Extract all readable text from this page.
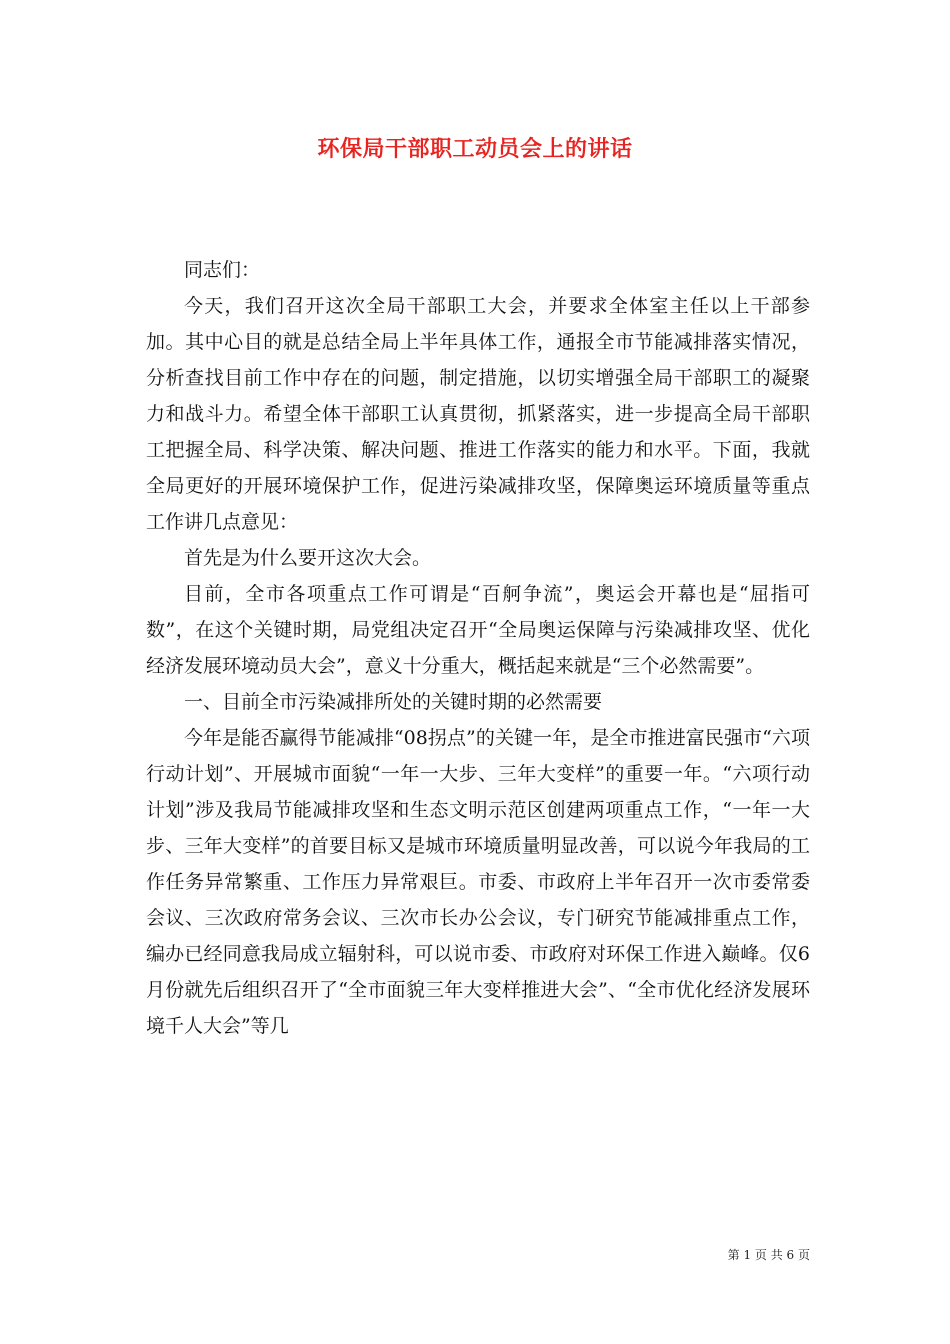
环保局干部职工动员会上的讲话

同志们：

今天，我们召开这次全局干部职工大会，并要求全体室主任以上干部参加。其中心目的就是总结全局上半年具体工作，通报全市节能减排落实情况，分析查找目前工作中存在的问题，制定措施，以切实增强全局干部职工的凝聚力和战斗力。希望全体干部职工认真贯彻，抓紧落实，进一步提高全局干部职工把握全局、科学决策、解决问题、推进工作落实的能力和水平。下面，我就全局更好的开展环境保护工作，促进污染减排攻坚，保障奥运环境质量等重点工作讲几点意见：

首先是为什么要开这次大会。

目前，全市各项重点工作可谓是“百舸争流”，奥运会开幕也是“屈指可数”，在这个关键时期，局党组决定召开“全局奥运保障与污染减排攻坚、优化经济发展环境动员大会”，意义十分重大，概括起来就是“三个必然需要”。

一、目前全市污染减排所处的关键时期的必然需要

今年是能否赢得节能减排“08拐点”的关键一年，是全市推进富民强市“六项行动计划”、开展城市面貌“一年一大步、三年大变样”的重要一年。“六项行动计划”涉及我局节能减排攻坚和生态文明示范区创建两项重点工作，“一年一大步、三年大变样”的首要目标又是城市环境质量明显改善，可以说今年我局的工作任务异常繁重、工作压力异常艰巨。市委、市政府上半年召开一次市委常委会议、三次政府常务会议、三次市长办公会议，专门研究节能减排重点工作，编办已经同意我局成立辐射科，可以说市委、市政府对环保工作进入巅峰。仅6月份就先后组织召开了“全市面貌三年大变样推进大会”、“全市优化经济发展环境千人大会”等几

第 1 页 共 6 页
